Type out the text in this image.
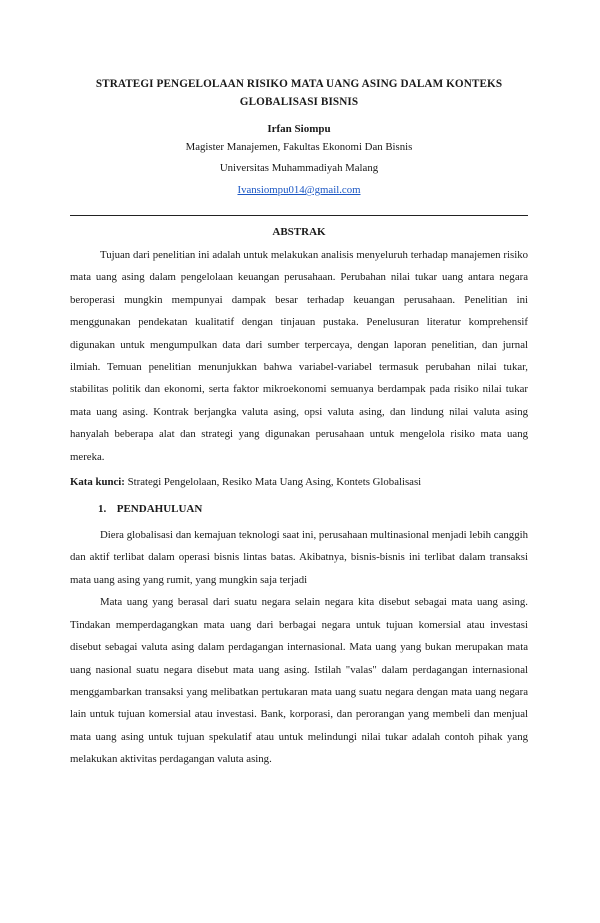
STRATEGI PENGELOLAAN RISIKO MATA UANG ASING DALAM KONTEKS
GLOBALISASI BISNIS
Irfan Siompu
Magister Manajemen, Fakultas Ekonomi Dan Bisnis
Universitas Muhammadiyah Malang
Ivansiompu014@gmail.com
ABSTRAK

Tujuan dari penelitian ini adalah untuk melakukan analisis menyeluruh terhadap manajemen risiko mata uang asing dalam pengelolaan keuangan perusahaan. Perubahan nilai tukar uang antara negara beroperasi mungkin mempunyai dampak besar terhadap keuangan perusahaan. Penelitian ini menggunakan pendekatan kualitatif dengan tinjauan pustaka. Penelusuran literatur komprehensif digunakan untuk mengumpulkan data dari sumber terpercaya, dengan laporan penelitian, dan jurnal ilmiah. Temuan penelitian menunjukkan bahwa variabel-variabel termasuk perubahan nilai tukar, stabilitas politik dan ekonomi, serta faktor mikroekonomi semuanya berdampak pada risiko nilai tukar mata uang asing. Kontrak berjangka valuta asing, opsi valuta asing, dan lindung nilai valuta asing hanyalah beberapa alat dan strategi yang digunakan perusahaan untuk mengelola risiko mata uang mereka.

Kata kunci: Strategi Pengelolaan, Resiko Mata Uang Asing, Kontets Globalisasi
1. PENDAHULUAN

Diera globalisasi dan kemajuan teknologi saat ini, perusahaan multinasional menjadi lebih canggih dan aktif terlibat dalam operasi bisnis lintas batas. Akibatnya, bisnis-bisnis ini terlibat dalam transaksi mata uang asing yang rumit, yang mungkin saja terjadi

Mata uang yang berasal dari suatu negara selain negara kita disebut sebagai mata uang asing. Tindakan memperdagangkan mata uang dari berbagai negara untuk tujuan komersial atau investasi disebut sebagai valuta asing dalam perdagangan internasional. Mata uang yang bukan merupakan mata uang nasional suatu negara disebut mata uang asing. Istilah "valas" dalam perdagangan internasional menggambarkan transaksi yang melibatkan pertukaran mata uang suatu negara dengan mata uang negara lain untuk tujuan komersial atau investasi. Bank, korporasi, dan perorangan yang membeli dan menjual mata uang asing untuk tujuan spekulatif atau untuk melindungi nilai tukar adalah contoh pihak yang melakukan aktivitas perdagangan valuta asing.
